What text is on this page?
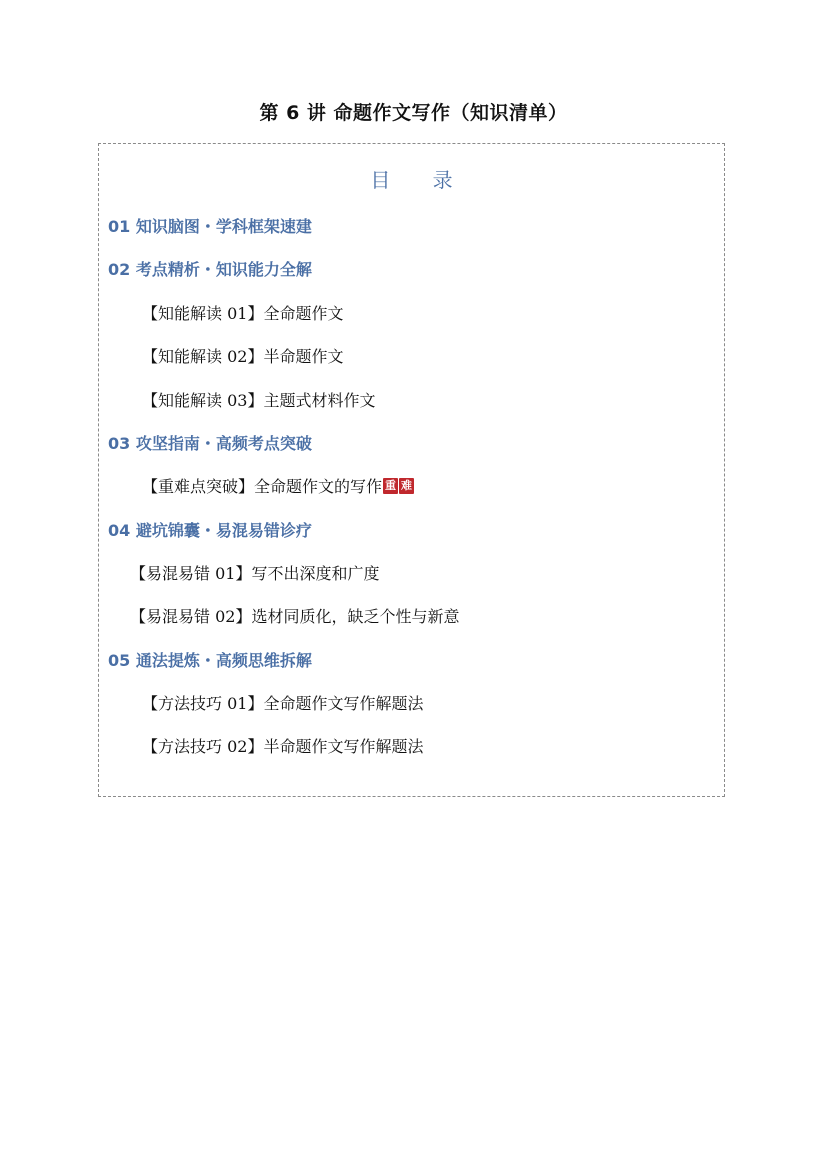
第 6 讲 命题作文写作（知识清单）
目 录
01 知识脑图・学科框架速建
02 考点精析・知识能力全解
【知能解读 01】全命题作文
【知能解读 02】半命题作文
【知能解读 03】主题式材料作文
03 攻坚指南・高频考点突破
【重难点突破】全命题作文的写作 重 难
04 避坑锦囊・易混易错诊疗
【易混易错 01】写不出深度和广度
【易混易错 02】选材同质化，缺乏个性与新意
05 通法提炼・高频思维拆解
【方法技巧 01】全命题作文写作解题法
【方法技巧 02】半命题作文写作解题法
